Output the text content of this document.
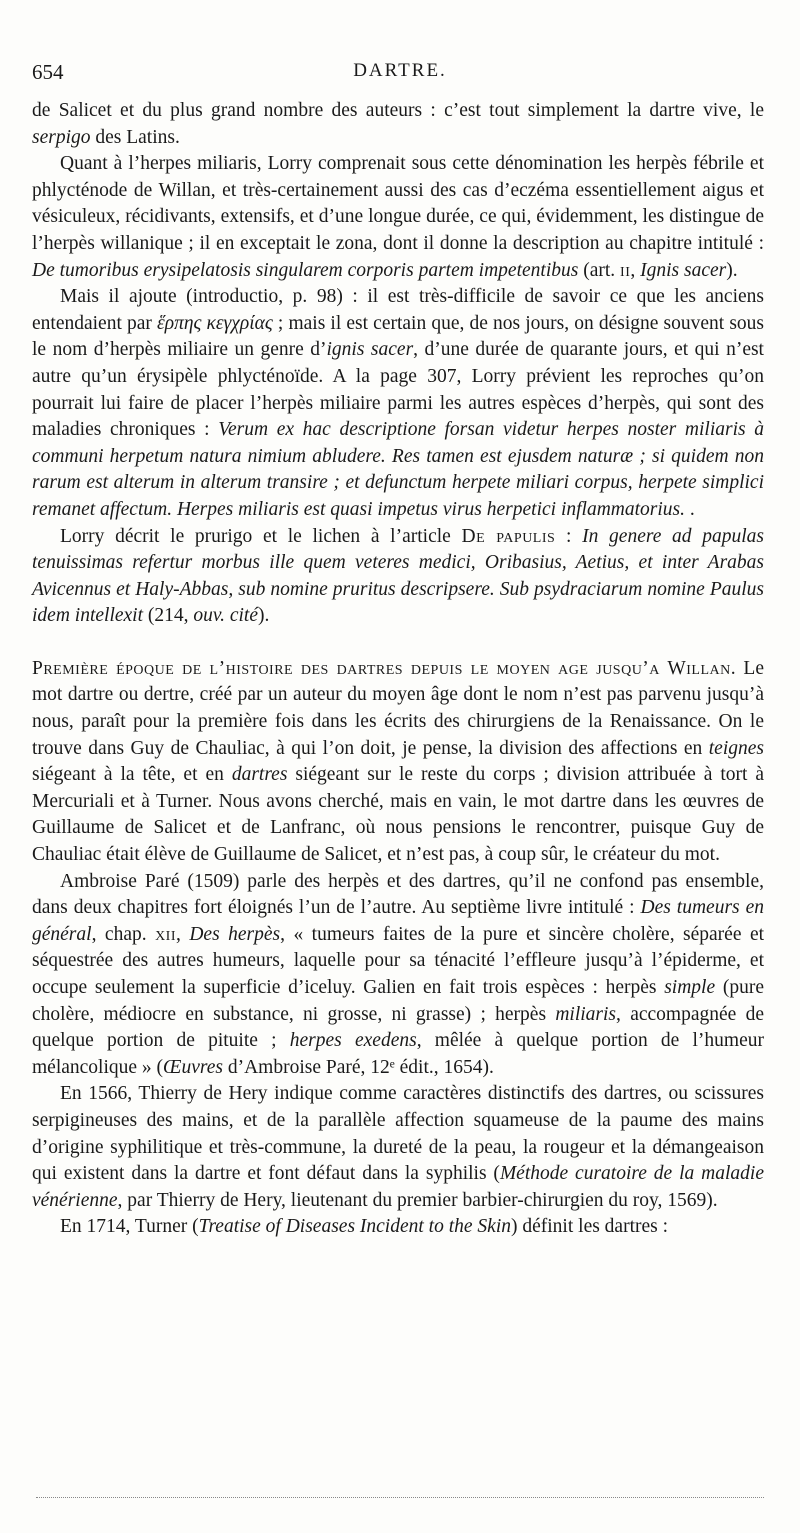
654	DARTRE.

de Salicet et du plus grand nombre des auteurs : c’est tout simplement la dartre vive, le serpigo des Latins.

Quant à l’herpes miliaris, Lorry comprenait sous cette dénomination les herpès fébrile et phlycténode de Willan, et très-certainement aussi des cas d’eczéma essentiellement aigus et vésiculeux, récidivants, extensifs, et d’une longue durée, ce qui, évidemment, les distingue de l’herpès willanique ; il en exceptait le zona, dont il donne la description au chapitre intitulé : De tumoribus erysipelatosis singularem corporis partem impetentibus (art. ii, Ignis sacer).

Mais il ajoute (introductio, p. 98) : il est très-difficile de savoir ce que les anciens entendaient par ἕρπης κεγχρίας ; mais il est certain que, de nos jours, on désigne souvent sous le nom d’herpès miliaire un genre d’ignis sacer, d’une durée de quarante jours, et qui n’est autre qu’un érysipèle phlycténoïde. A la page 307, Lorry prévient les reproches qu’on pourrait lui faire de placer l’herpès miliaire parmi les autres espèces d’herpès, qui sont des maladies chroniques : Verum ex hac descriptione forsan videtur herpes noster miliaris à communi herpetum natura nimium abludere. Res tamen est ejusdem naturæ ; si quidem non rarum est alterum in alterum transire ; et defunctum herpete miliari corpus, herpete simplici remanet affectum. Herpes miliaris est quasi impetus virus herpetici inflammatorius. .

Lorry décrit le prurigo et le lichen à l’article De papulis : In genere ad papulas tenuissimas refertur morbus ille quem veteres medici, Oribasius, Aetius, et inter Arabas Avicennus et Haly-Abbas, sub nomine pruritus descripsere. Sub psydraciarum nomine Paulus idem intellexit (214, ouv. cité).

Première époque de l’histoire des dartres depuis le moyen age jusqu’a Willan. Le mot dartre ou dertre, créé par un auteur du moyen âge dont le nom n’est pas parvenu jusqu’à nous, paraît pour la première fois dans les écrits des chirurgiens de la Renaissance. On le trouve dans Guy de Chauliac, à qui l’on doit, je pense, la division des affections en teignes siégeant à la tête, et en dartres siégeant sur le reste du corps ; division attribuée à tort à Mercuriali et à Turner. Nous avons cherché, mais en vain, le mot dartre dans les œuvres de Guillaume de Salicet et de Lanfranc, où nous pensions le rencontrer, puisque Guy de Chauliac était élève de Guillaume de Salicet, et n’est pas, à coup sûr, le créateur du mot.

Ambroise Paré (1509) parle des herpès et des dartres, qu’il ne confond pas ensemble, dans deux chapitres fort éloignés l’un de l’autre. Au septième livre intitulé : Des tumeurs en général, chap. xii, Des herpès, « tumeurs faites de la pure et sincère cholère, séparée et séquestrée des autres humeurs, laquelle pour sa ténacité l’effleure jusqu’à l’épiderme, et occupe seulement la superficie d’iceluy. Galien en fait trois espèces : herpès simple (pure cholère, médiocre en substance, ni grosse, ni grasse) ; herpès miliaris, accompagnée de quelque portion de pituite ; herpes exedens, mêlée à quelque portion de l’humeur mélancolique » (Œuvres d’Ambroise Paré, 12ᵉ édit., 1654).

En 1566, Thierry de Hery indique comme caractères distinctifs des dartres, ou scissures serpigineuses des mains, et de la parallèle affection squameuse de la paume des mains d’origine syphilitique et très-commune, la dureté de la peau, la rougeur et la démangeaison qui existent dans la dartre et font défaut dans la syphilis (Méthode curatoire de la maladie vénérienne, par Thierry de Hery, lieutenant du premier barbier-chirurgien du roy, 1569).

En 1714, Turner (Treatise of Diseases Incident to the Skin) définit les dartres :
